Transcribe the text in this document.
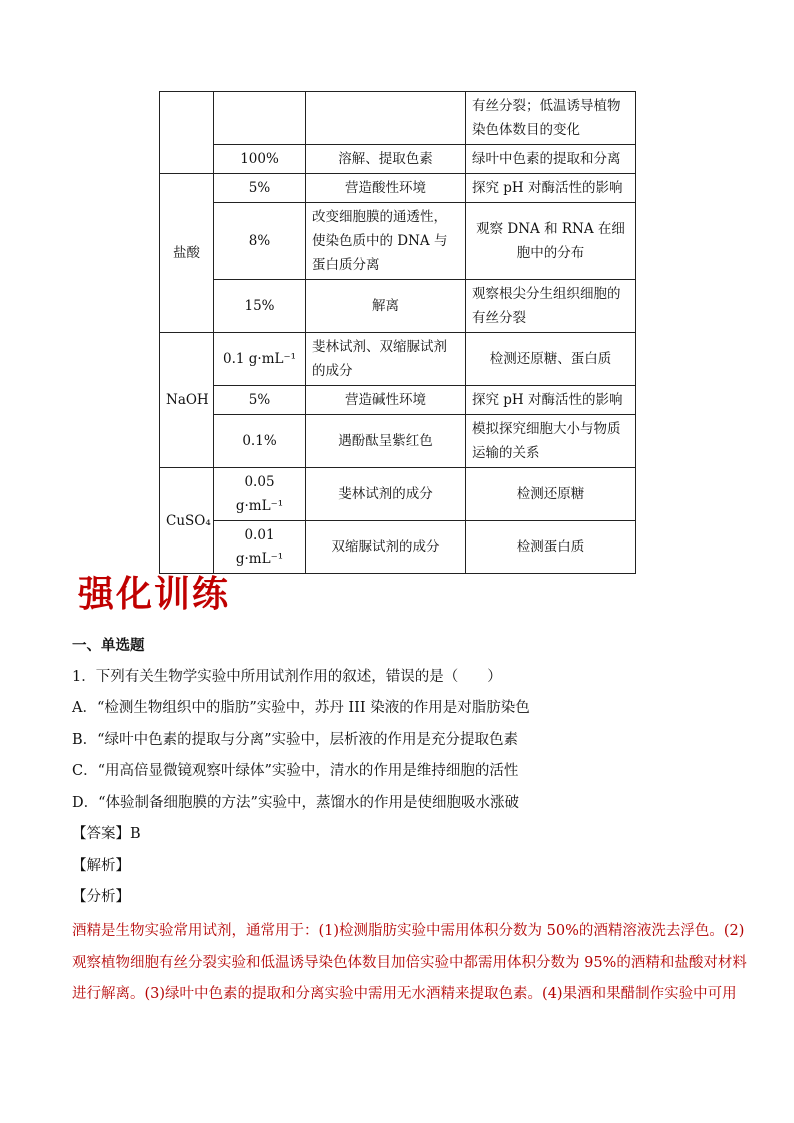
			有丝分裂；低温诱导植物染色体数目的变化
	100%	溶解、提取色素	绿叶中色素的提取和分离
盐酸	5%	营造酸性环境	探究 pH 对酶活性的影响
	8%	改变细胞膜的通透性，使染色质中的 DNA 与蛋白质分离	观察 DNA 和 RNA 在细胞中的分布
	15%	解离	观察根尖分生组织细胞的有丝分裂
NaOH	0.1 g·mL⁻¹	斐林试剂、双缩脲试剂的成分	检测还原糖、蛋白质
	5%	营造碱性环境	探究 pH 对酶活性的影响
	0.1%	遇酚酞呈紫红色	模拟探究细胞大小与物质运输的关系
CuSO₄	0.05 g·mL⁻¹	斐林试剂的成分	检测还原糖
	0.01 g·mL⁻¹	双缩脲试剂的成分	检测蛋白质
强化训练
一、单选题
1．下列有关生物学实验中所用试剂作用的叙述，错误的是（　　）
A．“检测生物组织中的脂肪”实验中，苏丹 III 染液的作用是对脂肪染色
B．“绿叶中色素的提取与分离”实验中，层析液的作用是充分提取色素
C．“用高倍显微镜观察叶绿体”实验中，清水的作用是维持细胞的活性
D．“体验制备细胞膜的方法”实验中，蒸馏水的作用是使细胞吸水涨破
【答案】B
【解析】
【分析】
酒精是生物实验常用试剂，通常用于：(1)检测脂肪实验中需用体积分数为 50%的酒精溶液洗去浮色。(2)
观察植物细胞有丝分裂实验和低温诱导染色体数目加倍实验中都需用体积分数为 95%的酒精和盐酸对材料
进行解离。(3)绿叶中色素的提取和分离实验中需用无水酒精来提取色素。(4)果酒和果醋制作实验中可用
